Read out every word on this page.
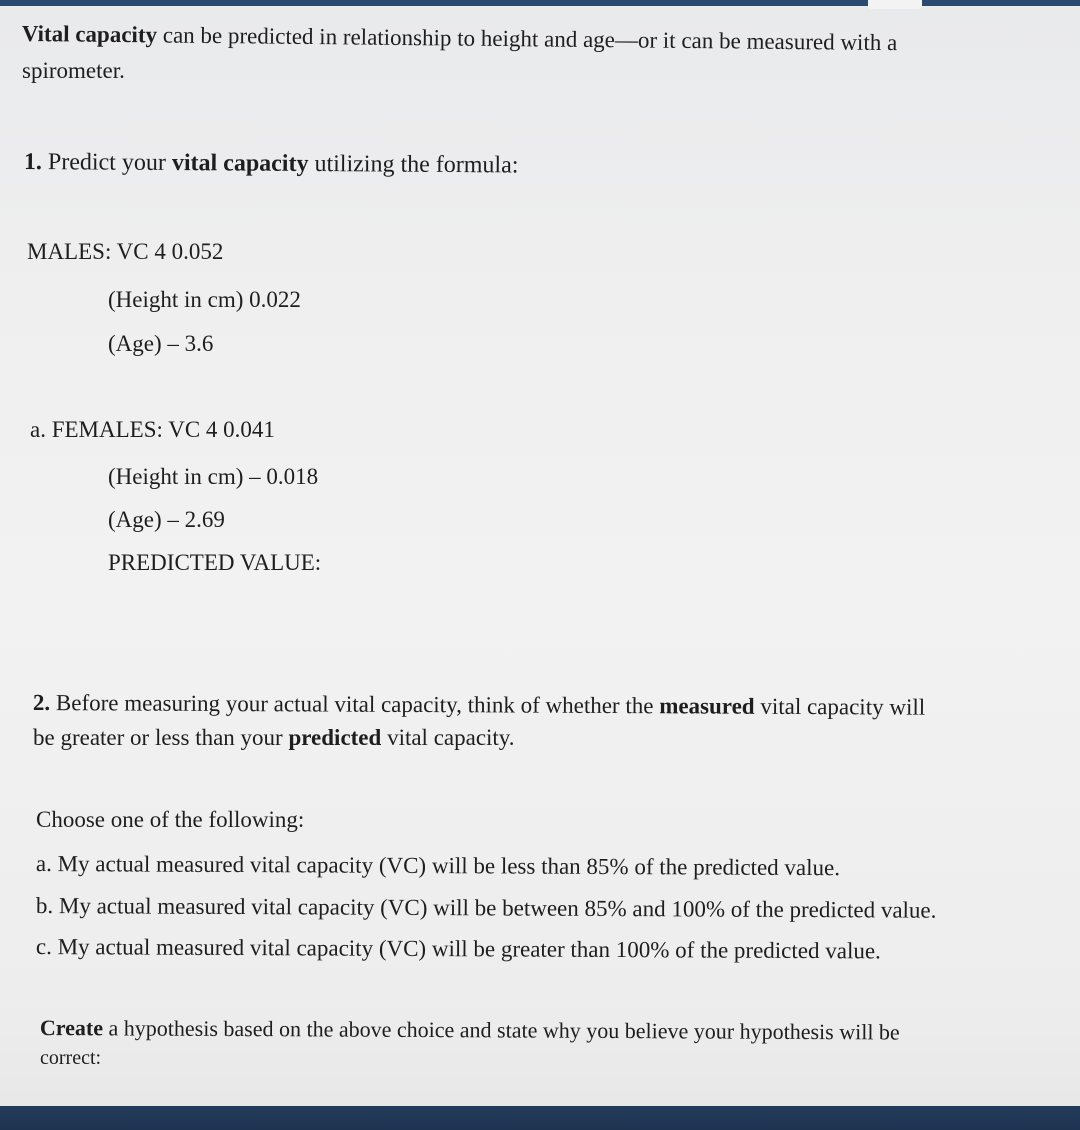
Vital capacity can be predicted in relationship to height and age—or it can be measured with a
spirometer.
1. Predict your vital capacity utilizing the formula:
MALES: VC 4 0.052
(Height in cm) 0.022
(Age) – 3.6
a. FEMALES: VC 4 0.041
(Height in cm) – 0.018
(Age) – 2.69
PREDICTED VALUE:
2. Before measuring your actual vital capacity, think of whether the measured vital capacity will
be greater or less than your predicted vital capacity.
Choose one of the following:
a. My actual measured vital capacity (VC) will be less than 85% of the predicted value.
b. My actual measured vital capacity (VC) will be between 85% and 100% of the predicted value.
c. My actual measured vital capacity (VC) will be greater than 100% of the predicted value.
Create a hypothesis based on the above choice and state why you believe your hypothesis will be
correct:
